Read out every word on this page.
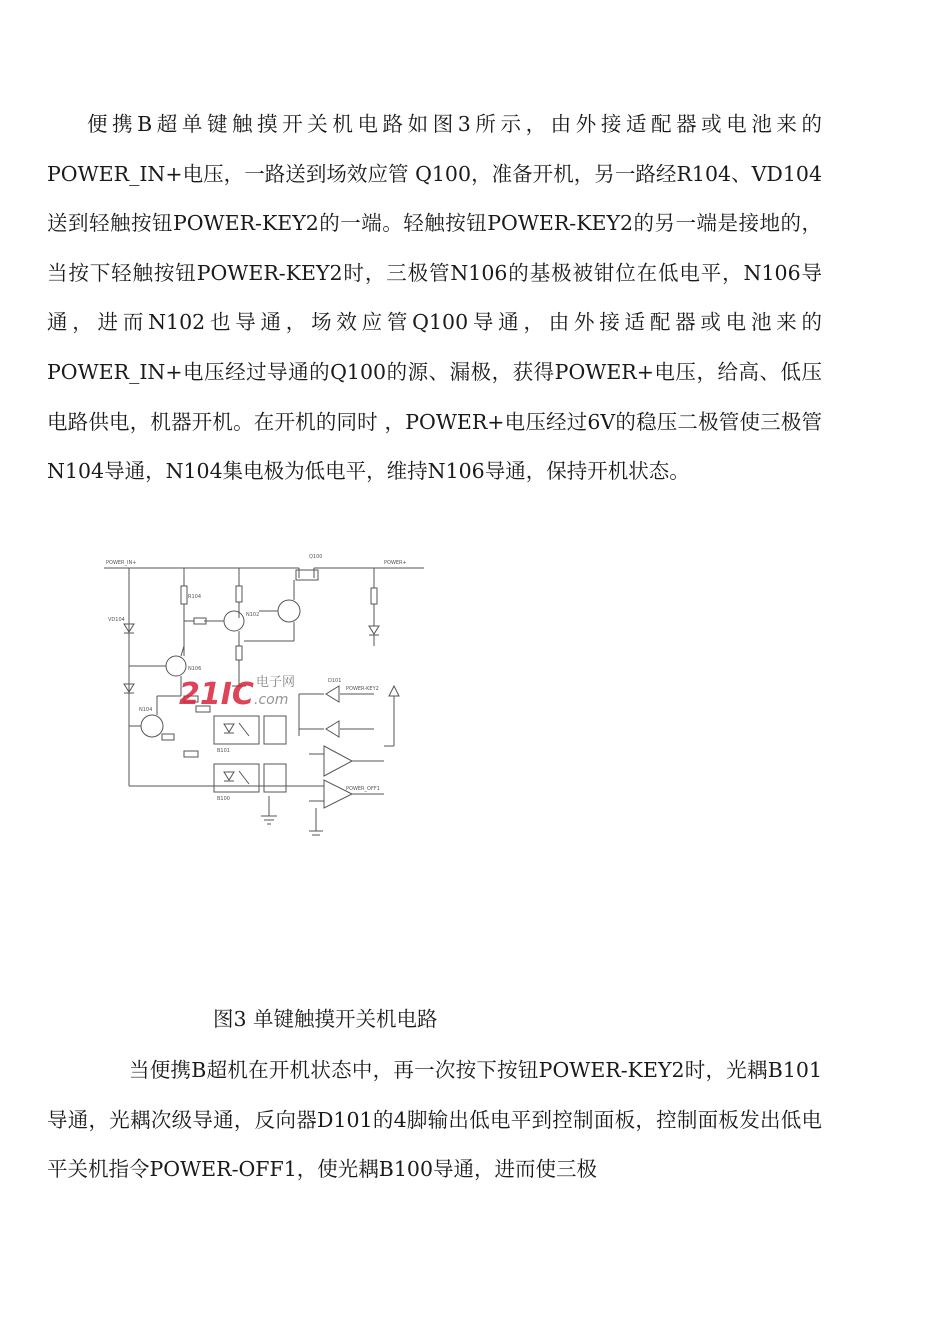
便携B超单键触摸开关机电路如图3所示，由外接适配器或电池来的POWER_IN+电压，一路送到场效应管 Q100，准备开机，另一路经R104、VD104送到轻触按钮POWER-KEY2的一端。轻触按钮POWER-KEY2的另一端是接地的，当按下轻触按钮POWER-KEY2时，三极管N106的基极被钳位在低电平，N106导通，进而N102也导通，场效应管Q100导通，由外接适配器或电池来的 POWER_IN+电压经过导通的Q100的源、漏极，获得POWER+电压，给高、低压电路供电，机器开机。在开机的同时 ，POWER+电压经过6V的稳压二极管使三极管N104导通，N104集电极为低电平，维持N106导通，保持开机状态。
POWER_IN+	POWER+
Q100
R104
VD104
N106
N102
N104
B101
B100
D101
POWER-KEY2
POWER_OFF1
21IC 电子网
.com
图3 单键触摸开关机电路
当便携B超机在开机状态中，再一次按下按钮POWER-KEY2时，光耦B101导通，光耦次级导通，反向器D101的4脚输出低电平到控制面板，控制面板发出低电平关机指令POWER-OFF1，使光耦B100导通，进而使三极
